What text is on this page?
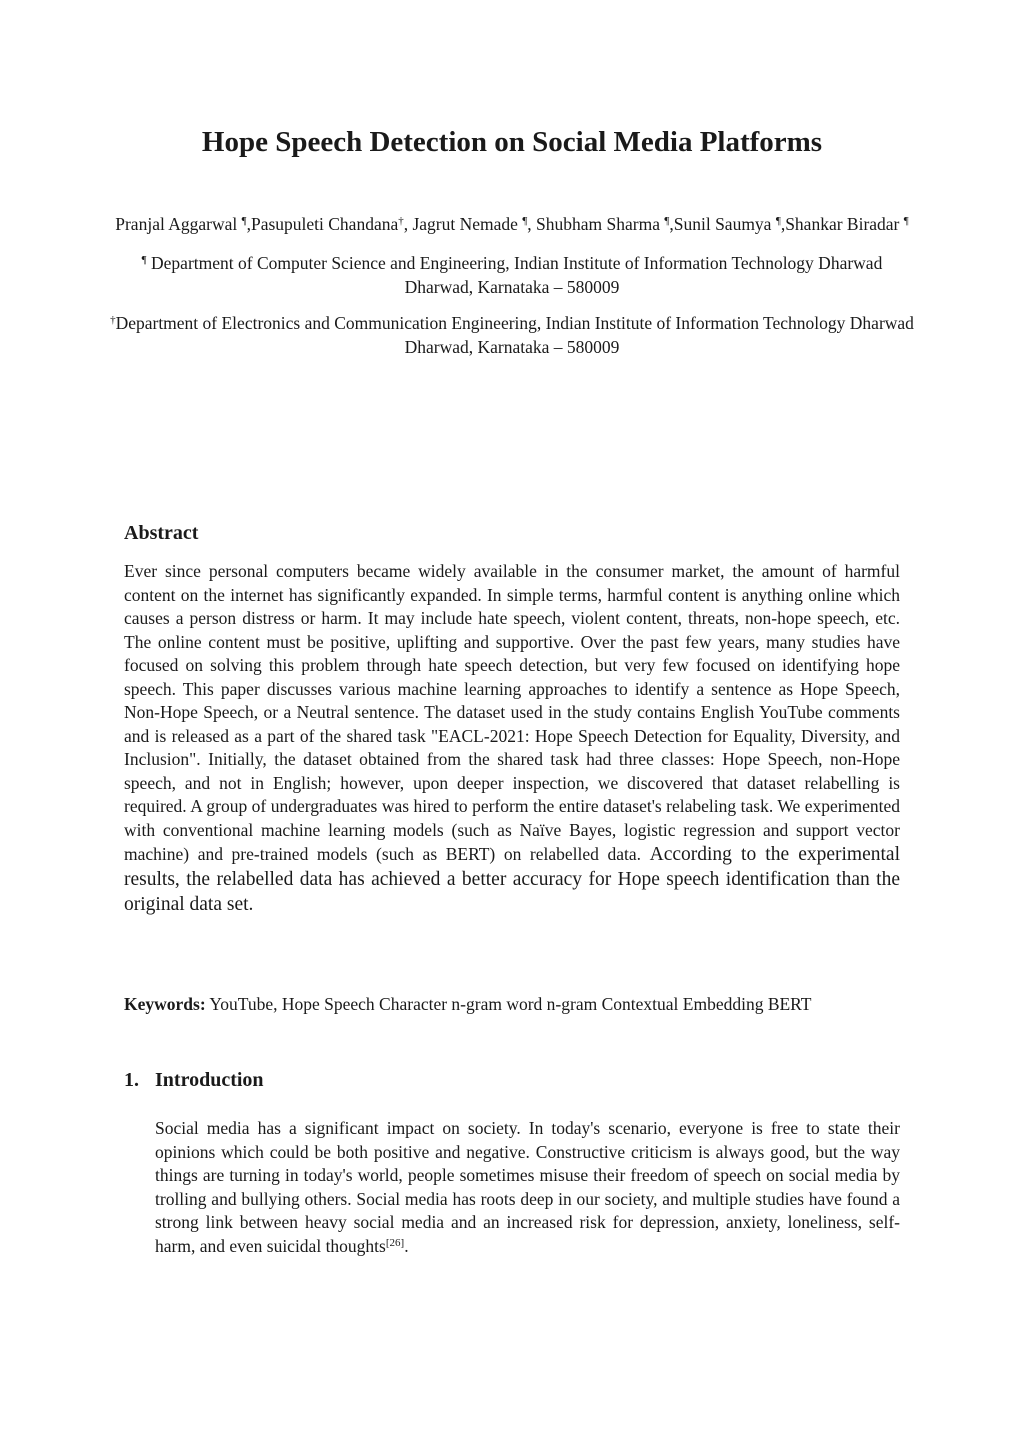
Hope Speech Detection on Social Media Platforms
Pranjal Aggarwal ¶,Pasupuleti Chandana†, Jagrut Nemade ¶, Shubham Sharma ¶,Sunil Saumya ¶,Shankar Biradar ¶
¶ Department of Computer Science and Engineering, Indian Institute of Information Technology Dharwad
Dharwad, Karnataka – 580009
†Department of Electronics and Communication Engineering, Indian Institute of Information Technology Dharwad
Dharwad, Karnataka – 580009
Abstract

Ever since personal computers became widely available in the consumer market, the amount of harmful content on the internet has significantly expanded. In simple terms, harmful content is anything online which causes a person distress or harm. It may include hate speech, violent content, threats, non-hope speech, etc. The online content must be positive, uplifting and supportive. Over the past few years, many studies have focused on solving this problem through hate speech detection, but very few focused on identifying hope speech. This paper discusses various machine learning approaches to identify a sentence as Hope Speech, Non-Hope Speech, or a Neutral sentence. The dataset used in the study contains English YouTube comments and is released as a part of the shared task "EACL-2021: Hope Speech Detection for Equality, Diversity, and Inclusion". Initially, the dataset obtained from the shared task had three classes: Hope Speech, non-Hope speech, and not in English; however, upon deeper inspection, we discovered that dataset relabelling is required. A group of undergraduates was hired to perform the entire dataset's relabeling task. We experimented with conventional machine learning models (such as Naïve Bayes, logistic regression and support vector machine) and pre-trained models (such as BERT) on relabelled data. According to the experimental results, the relabelled data has achieved a better accuracy for Hope speech identification than the original data set.

Keywords: YouTube, Hope Speech Character n-gram word n-gram Contextual Embedding BERT

1. Introduction

Social media has a significant impact on society. In today's scenario, everyone is free to state their opinions which could be both positive and negative. Constructive criticism is always good, but the way things are turning in today's world, people sometimes misuse their freedom of speech on social media by trolling and bullying others. Social media has roots deep in our society, and multiple studies have found a strong link between heavy social media and an increased risk for depression, anxiety, loneliness, self-harm, and even suicidal thoughts[26].
